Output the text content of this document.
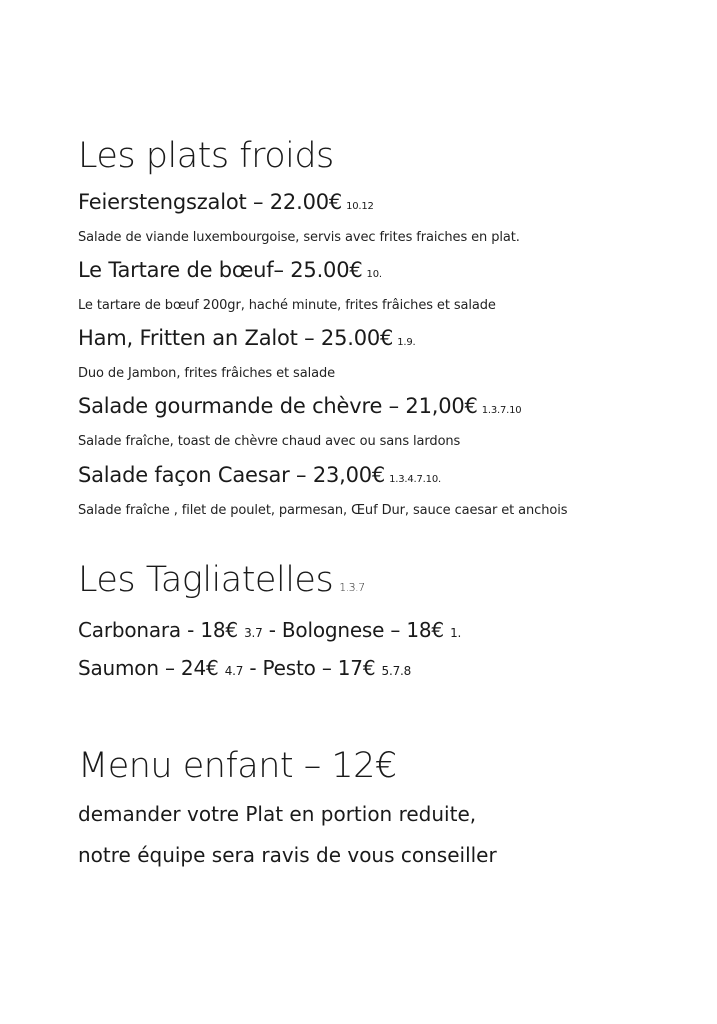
Les plats froids
Feierstengszalot – 22.00€ 10.12
Salade de viande luxembourgoise, servis avec frites fraiches en plat.
Le Tartare de bœuf– 25.00€ 10.
Le tartare de bœuf 200gr, haché minute, frites frâiches et salade
Ham, Fritten an Zalot – 25.00€ 1.9.
Duo de Jambon, frites frâiches et salade
Salade gourmande de chèvre – 21,00€ 1.3.7.10
Salade fraîche, toast de chèvre chaud avec ou sans lardons
Salade façon Caesar – 23,00€ 1.3.4.7.10.
Salade fraîche , filet de poulet, parmesan, Œuf Dur, sauce caesar et anchois
Les Tagliatelles 1.3.7
Carbonara - 18€ 3.7 - Bolognese – 18€ 1.
Saumon – 24€ 4.7 - Pesto – 17€ 5.7.8
Menu enfant – 12€
demander votre Plat en portion reduite,
notre équipe sera ravis de vous conseiller
